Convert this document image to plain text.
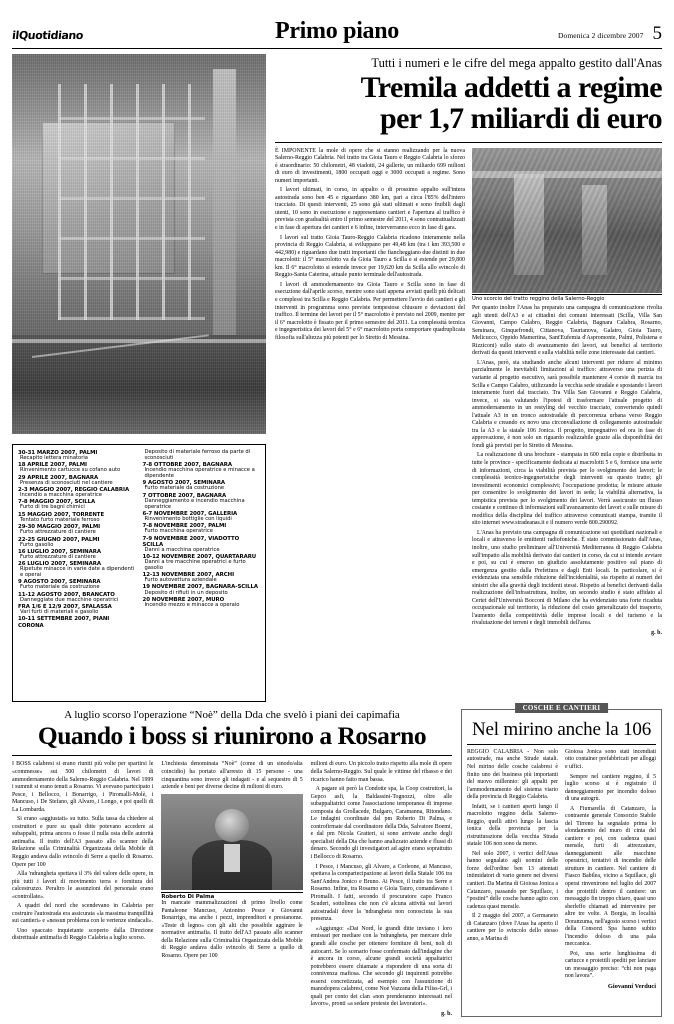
ilQuotidiano	Primo piano	Domenica 2 dicembre 2007 5
30-31 MARZO 2007, PALMI
Recapito lettera minatoria
18 APRILE 2007, PALMI
Rinvenimento cartucce su cofano auto
29 APRILE 2007, BAGNARA
Presenza di sconosciuti nel cantiere
2-3 MAGGIO 2007, REGGIO CALABRIA
Incendio a macchina operatrice
7-8 MAGGIO 2007, SCILLA
Furto di tre bagni chimici
15 MAGGIO 2007, TORRENTE
Tentato furto materiale ferroso
29-30 MAGGIO 2007, PALMI
Furto attrezzature di cantiere
22-25 GIUGNO 2007, PALMI
Furto gasolio
16 LUGLIO 2007, SEMINARA
Furto attrezzature di cantiere
26 LUGLIO 2007, SEMINARA
Ripetute minacce in varie date a dipendenti e operai
9 AGOSTO 2007, SEMINARA
Furto materiale da costruzione
11-12 AGOSTO 2007, BRANCATO
Danneggiate due macchine operatrici
FRA 1/6 E 12/9 2007, SFALASSA
Vari furti di materiali e gasolio
10-11 SETTEMBRE 2007, PIANI CORONA
Deposito di materiale ferroso da parte di sconosciuti
7-8 OTTOBRE 2007, BAGNARA
Incendio macchina operatrice e minacce a dipendente
9 AGOSTO 2007, SEMINARA
Furto materiale da costruzione
7 OTTOBRE 2007, BAGNARA
Danneggiamento e incendio macchina operatrice
6-7 NOVEMBRE 2007, GALLERIA
Rinvenimento bottiglie con liquidi
7-8 NOVEMBRE 2007, PALMI
Furto macchina operatrice
7-9 NOVEMBRE 2007, VIADOTTO SCILLA
Danni a macchina operatrice
10-12 NOVEMBRE 2007, QUARTARARU
Danni a tre macchine operatrici e furto gasolio
12-13 NOVEMBRE 2007, ARCHI
Furto autovettura aziendale
19 NOVEMBRE 2007, BAGNARA-SCILLA
Deposito di rifiuti in un deposito
20 NOVEMBRE 2007, MURO
Incendio mezzo e minacce a operaio
Tutti i numeri e le cifre del mega appalto gestito dall'Anas
Tremila addetti a regime
per 1,7 miliardi di euro

È IMPONENTE la mole di opere che si stanno realizzando per la nuova Salerno-Reggio Calabria. Nel tratto tra Gioia Tauro e Reggio Calabria lo sforzo è straordinario: 50 chilometri, 48 viadotti, 24 gallerie, un miliardo 699 milioni di euro di investimenti, 1800 occupati oggi e 3000 occupati a regime. Sono numeri importanti.

I lavori ultimati, in corso, in appalto o di prossimo appalto sull'intera autostrada sono ben 45 e riguardano 380 km, pari a circa l'85% dell'intero tracciato. Di questi interventi, 25 sono già stati ultimati e sono fruibili dagli utenti, 10 sono in esecuzione e rappresentano cantieri e l'apertura al traffico è prevista con gradualità entro il primo semestre del 2011, 4 sono contrattualizzati e in fase di apertura dei cantieri e 6 infine, interverranno ecco in fase di gara.

I lavori sul tratto Gioia Tauro-Reggio Calabria ricadono interamente nella provincia di Reggio Calabria, si sviluppano per 49,48 km (tra i km 393,500 e 442,980) e riguardano due tratti importanti che fiancheggiano due distinti in due macrolotti: il 5° macrolotto va da Gioia Tauro a Scilla e si estende per 29,800 km. Il 6° macrolotto si estende invece per 19,620 km da Scilla allo svincolo di Reggio-Santa Caterina, attuale punto terminale dell'autostrada.

I lavori di ammodernamento tra Gioia Tauro e Scilla sono in fase di esecuzione dall'aprile scorso, mentre sono stati appena avviati quelli più delicati e complessi tra Scilla e Reggio Calabria. Per permettere l'avvio dei cantieri e gli interventi in programma sono previste tempestose chiusure e deviazioni del traffico. Il termine dei lavori per il 5° macrolotto è previsto nel 2009, mentre per il 6° macrolotto è fissato per il primo semestre del 2011. La complessità tecnica e ingegneristica dei lavori del 5° e 6° macrolotto porta comportare quadruplicata filosofia sull'altezza più potenti per lo Stretto di Messina.

Uno scorcio del tratto reggino della Salerno-Reggio

Per quanto inoltre l'Anas ha preparato una campagna di comunicazione rivolta agli utenti dell'A3 e ai cittadini dei comuni interessati (Scilla, Villa San Giovanni, Campo Calabro, Reggio Calabria, Bagnara Calabra, Rosarno, Seminara, Ginquefrondi, Cittanova, Taurianova, Galatro, Gioia Tauro, Melicucco, Oppido Mamertina, Sant'Eufemia d'Aspromonte, Palmi, Polistena e Rizziconi) sullo stato di avanzamento dei lavori, sui benefici al territorio derivati da questi interventi e sulla viabilità nelle zone interessate dai cantieri.

L'Anas, però, sta studiando anche alcuni interventi per ridurre al minimo parzialmente le inevitabili limitazioni al traffico: attraverso una perizia di variante al progetto esecutivo, sarà possibile mantenere 4 corsie di marcia tra Scilla e Campo Calabro, utilizzando la vecchia sede stradale e spostando i lavori interamente fuori dal tracciato. Tra Villa San Giovanni e Reggio Calabria, invece, si sta valutando l'ipotesi di trasformare l'attuale progetto di ammodernamento in un restyling del vecchio tracciato, convertendo quindi l'attuale A3 in un tronco autostradale di percorrenza urbana verso Reggio Calabria e creando ex novo una circonvallazione di collegamento autostradale tra la A3 e la statale 106 Jonica. Il progetto, impegnativo ed ora in fase di approvazione, è non solo un riguardo realizzabile grazie alla disponibilità dei fondi già previsti per lo Stretto di Messina.

La realizzazione di una brochure - stampata in 600 mila copie e distribuita in tutte le province - specificamente dedicata ai macrolotti 5 e 6, fornisce una serie di informazioni, circa la viabilità prevista per lo svolgimento dei lavori; le complessità tecnico-ingegneristiche degli interventi su questo tratto; gli investimenti economici complessivi; l'occupazione prodotta; le misure attuate per consentire lo svolgimento dei lavori in sede; la viabilità alternativa, la tempistica prevista per lo svolgimento dei lavori. Verrà assicurato un flusso costante e continuo di informazioni sull'avanzamento dei lavori e sulle misure di modifica della disciplina del traffico attraverso comunicati stampa, tramite il sito internet www.stradeanas.it e il numero verde 800.290092.

L'Anas ha previsto una campagna di comunicazione sui quotidiani nazionali e locali e attraverso le emittenti radiofoniche. È stato commissionato dall'Anas, inoltre, uno studio preliminare all'Università Mediterranea di Reggio Calabria sull'impatto alla mobilità derivato dai cantieri in corso, da cui si intende avviare e poi, su cui è emerso un giudizio assolutamente positivo sul piano di emergenza gestito dalla Prefettura e dagli Enti locali. In particolare, si è evidenziata una sensibile riduzione dell'incidentalità, sia rispetto ai numeri dei sinistri che alla gravità degli incidenti stessi. Rispetto ai benefici derivanti dalla realizzazione dell'infrastruttura, inoltre, un secondo studio è stato affidato al Certet dell'Università Bocconi di Milano che ha evidenziato una forte ricaduta occupazionale sul territorio, la riduzione del costo generalizzato del trasporto, l'aumento della competitività delle imprese locali e del turismo e la rivalutazione dei terreni e degli immobili dell'area.

g. b.
A luglio scorso l'operazione “Noè” della Dda che svelò i piani dei capimafia
Quando i boss si riunirono a Rosarno

I BOSS calabresi si erano riuniti più volte per spartirsi le «commesse» sui 500 chilometri di lavori di ammodernamento della Salerno-Reggio Calabria. Nel 1999 i summit si erano tenuti a Rosarno. Vi avevano partecipato i Pesce, i Bellocco, i Bonarrigo, i Piromalli-Molè, i Mancuso, i De Stefano, gli Alvaro, i Longo, e poi quelli di La Lombarda.

Si erano «aggiustati» su tutto. Sulla tassa da chiedere ai costruttori e pure su quali ditte potevano accedere ai subappalti, prima ancora o fosse il nulla osta delle autorità antimafia. Il tratto dell'A3 passato allo scanner della Relazione sulla Criminalità Organizzata della Mobile di Reggio andava dallo svincolo di Serre a quello di Rosarno. Opere per 100

Alla 'ndrangheta spettava il 3% del valore delle opere, in più tutti i lavori di movimento terra e fornitura del calcestruzzo. Peraltro le assunzioni del personale erano «controllate».

A quadri del nord che scendevano in Calabria per costruire l'autostrada era assicurata «la massima tranquillità sui cantieri» e «nessun problema con le vertenze sindacali».

Uno spaccato inquietante scoperto dalla Direzione distrettuale antimafia di Reggio Calabria a luglio scorso.

L'inchiesta denominata “Noè” (come di un sinodo/alta coincidio) ha portato all'arresto di 15 persone - una cinquantina sono invece gli indagati - e al sequestro di 5 aziende e beni per diverse decine di milioni di euro.

Roberto Di Palma

In mancate mammalizzazioni di primo livello come Pantaleone Mancuso, Antonino Pesce e Giovanni Bonarrigo, ma anche i pezzi, imprenditori e prestanome. «Teste di legno» con gli alti che possibile aggirare le normative antimafia. Il tratto dell'A3 passato allo scanner della Relazione sulla Criminalità Organizzata della Mobile di Reggio andava dallo svincolo di Serre a quello di Rosarno. Opere per 100

milioni di euro. Un piccolo tratto rispetto alla mole di opere della Salerno-Reggio. Sul quale le vittime del ribasso e dei ricarico hanno fatto man bassa.

A pagare sii però la Condotte spa, la Coop costruttori, la Gepco asfi, la Baldassini-Tognozzi, oltre alle subappaltatrici come l'associazione temporanea di imprese composta da Grollacede, Bulgaro, Caramanna, Ritondano. Le indagini coordinate dal pm Roberto Di Palma, e controfirmate dal coordinatore della Dda, Salvatore Boemi, e dal pm Nicola Gratteri, si sono arrivate anche degli specialisti della Dia che hanno analizzato aziende e flussi di denaro. Secondo gli investigatori ad agire erano soprattutto i Bellocco di Rosarno.

I Pesce, i Mancuso, gli Alvaro, a Corleone, ai Mancuso, spettava la compartecipazione ai lavori della Statale 106 tra Sant'Andrea Jonico e Bruno. Ai Pesce, il tratto tra Serre e Rosarno. Infine, tra Rosarno e Gioia Tauro, comandavano i Piromalli. I fatti, secondo il procuratore capo Franco Scuderi, sottolinea che non c'è alcuna attività sui lavori autostradali dove la 'ndrangheta non conosciuta la sua presenza.

«Aggiungo: «Dai Nord, le grandi ditte inviano i loro emissari per mediare con la 'ndrangheta, per mercare dirle grandi alle cosche per ottenere forniture di beni, noli di autocarri. Se lo scenario fosse confermato dall'indagine che è ancora in corso, alcune grandi società appaltatrici potrebbero essere chiamate a rispondere di una sorta di connivenza mafiosa. Che secondo gli inquirenti potrebbe essersi concretizzata, ad esempio con l'assunzione di manodopera calabresi, come Noè Vazzana della Filiss-Grl, i quali per conto dei clan «non prenderanno interessati nel lavoro», pronti «a sedare proteste dei lavoratori».

g. b.
COSCHE E CANTIERI
Nel mirino anche la 106

REGGIO CALABRIA - Non solo autostrade, ma anche Strade statali. Nel mirino delle cosche calabresi è finito uno dei business più importanti del nuovo millennio: gli appalti per l'ammodernamento del sistema viario della provincia di Reggio Calabria.

Infatti, se i cantieri aperti lungo il macrolotto reggino della Salerno-Reggio, quelli attivi lungo la fascia ionica della provincia per la ristrutturazione della vecchia Strada statale 106 non sono da meno.

Nel solo 2007, i vertici dell'Anas hanno segnalato agli uomini delle forze dell'ordine ben 13 attentati intimidatori di vario genere nei diversi cantieri. Da Marina di Gioiosa Jonica a Catanzaro, passando per Squillace, i “postini” delle cosche hanno agito con cadenza quasi mensile.

Il 2 maggio del 2007, a Germaneto di Catanzaro (dove l'Anas ha aperto il cantiere per lo svincolo dello stesso anno, a Marina di

Gioiosa Jonica sono stati incendiati otto container prefabbricati per alloggi e uffici.

Sempre nel cantiere reggino, il 5 luglio scorso si è registrato il danneggiamento per incendio doloso di una autogrù.

A Fiumarella di Catanzaro, la contraente generale Consorzio Stabile del Tirreno ha segnalato prima lo sfondamento del muro di cinta del cantiere e poi, con cadenza quasi mensile, furti di attrezzature, danneggiamenti alle macchine operatrici, tentativi di incendio delle strutture in cantiere. Nel cantiere di Fiasco Babilea, vicino a Squillace, gli operai rinvenirono nel luglio del 2007 due proiettili dentro il cantiere: un messaggio fin troppo chiaro, quasi uno sberleffo chiamati ad intervenire per altre tre volte. A Borgia, in località Doranzuma, nell'agosto scorso i vertici della Consorzi Spa hanno subito l'incendio doloso di una pala meccanica.

Poi, una serie lunghissima di cartucce e proiettili spediti per lanciare un messaggio preciso: “chi non paga non lavora”.

Giovanni Verduci
